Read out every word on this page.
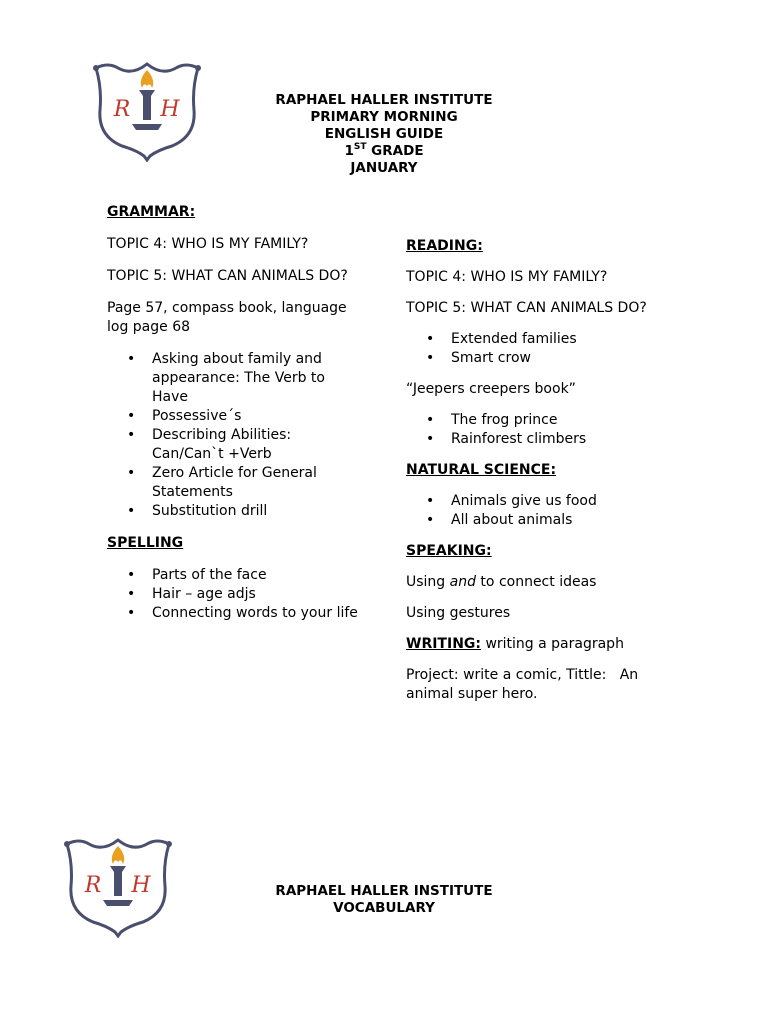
R H	RAPHAEL HALLER INSTITUTE
PRIMARY MORNING
ENGLISH GUIDE
1ST GRADE
JANUARY

GRAMMAR:

TOPIC 4: WHO IS MY FAMILY?

TOPIC 5: WHAT CAN ANIMALS DO?

Page 57, compass book, language
log page 68

• Asking about family and
appearance: The Verb to
Have
• Possessive´s
• Describing Abilities:
Can/Can`t +Verb
• Zero Article for General
Statements
• Substitution drill

SPELLING

• Parts of the face
• Hair – age adjs
• Connecting words to your life

READING:

TOPIC 4: WHO IS MY FAMILY?

TOPIC 5: WHAT CAN ANIMALS DO?

• Extended families
• Smart crow

“Jeepers creepers book”

• The frog prince
• Rainforest climbers

NATURAL SCIENCE:

• Animals give us food
• All about animals

SPEAKING:

Using and to connect ideas

Using gestures

WRITING: writing a paragraph

Project: write a comic, Tittle:   An
animal super hero.

R H	RAPHAEL HALLER INSTITUTE
VOCABULARY
